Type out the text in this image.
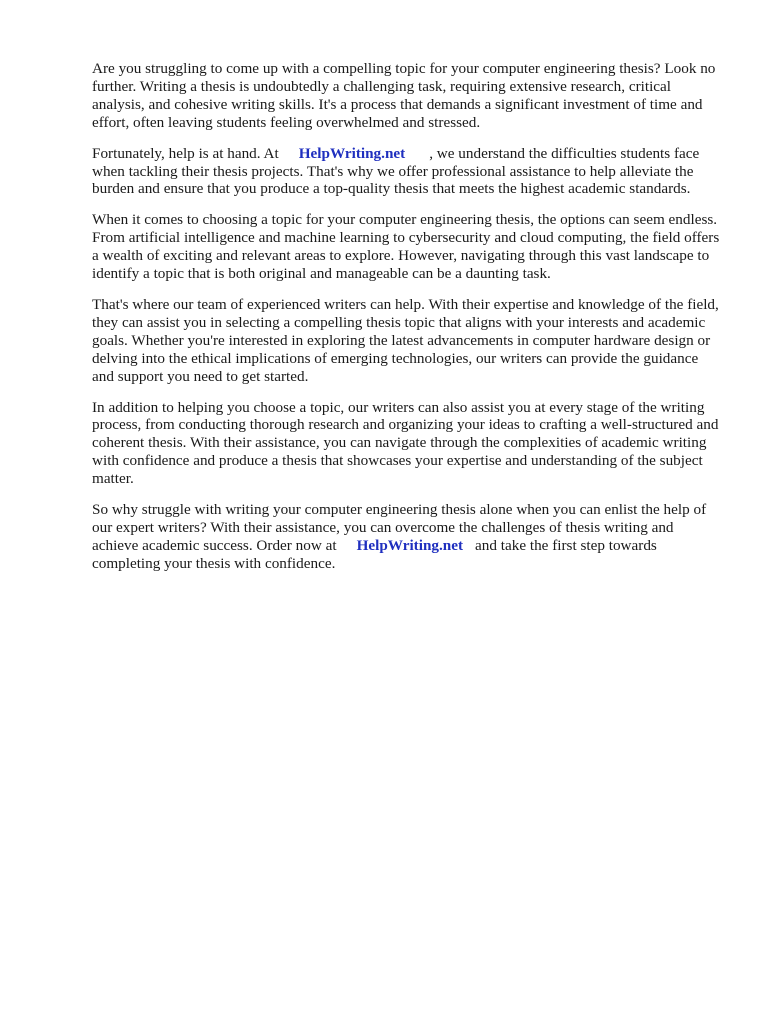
Are you struggling to come up with a compelling topic for your computer engineering thesis? Look no further. Writing a thesis is undoubtedly a challenging task, requiring extensive research, critical analysis, and cohesive writing skills. It's a process that demands a significant investment of time and effort, often leaving students feeling overwhelmed and stressed.

Fortunately, help is at hand. At HelpWriting.net , we understand the difficulties students face when tackling their thesis projects. That's why we offer professional assistance to help alleviate the burden and ensure that you produce a top-quality thesis that meets the highest academic standards.

When it comes to choosing a topic for your computer engineering thesis, the options can seem endless. From artificial intelligence and machine learning to cybersecurity and cloud computing, the field offers a wealth of exciting and relevant areas to explore. However, navigating through this vast landscape to identify a topic that is both original and manageable can be a daunting task.

That's where our team of experienced writers can help. With their expertise and knowledge of the field, they can assist you in selecting a compelling thesis topic that aligns with your interests and academic goals. Whether you're interested in exploring the latest advancements in computer hardware design or delving into the ethical implications of emerging technologies, our writers can provide the guidance and support you need to get started.

In addition to helping you choose a topic, our writers can also assist you at every stage of the writing process, from conducting thorough research and organizing your ideas to crafting a well-structured and coherent thesis. With their assistance, you can navigate through the complexities of academic writing with confidence and produce a thesis that showcases your expertise and understanding of the subject matter.

So why struggle with writing your computer engineering thesis alone when you can enlist the help of our expert writers? With their assistance, you can overcome the challenges of thesis writing and achieve academic success. Order now at HelpWriting.net and take the first step towards completing your thesis with confidence.
